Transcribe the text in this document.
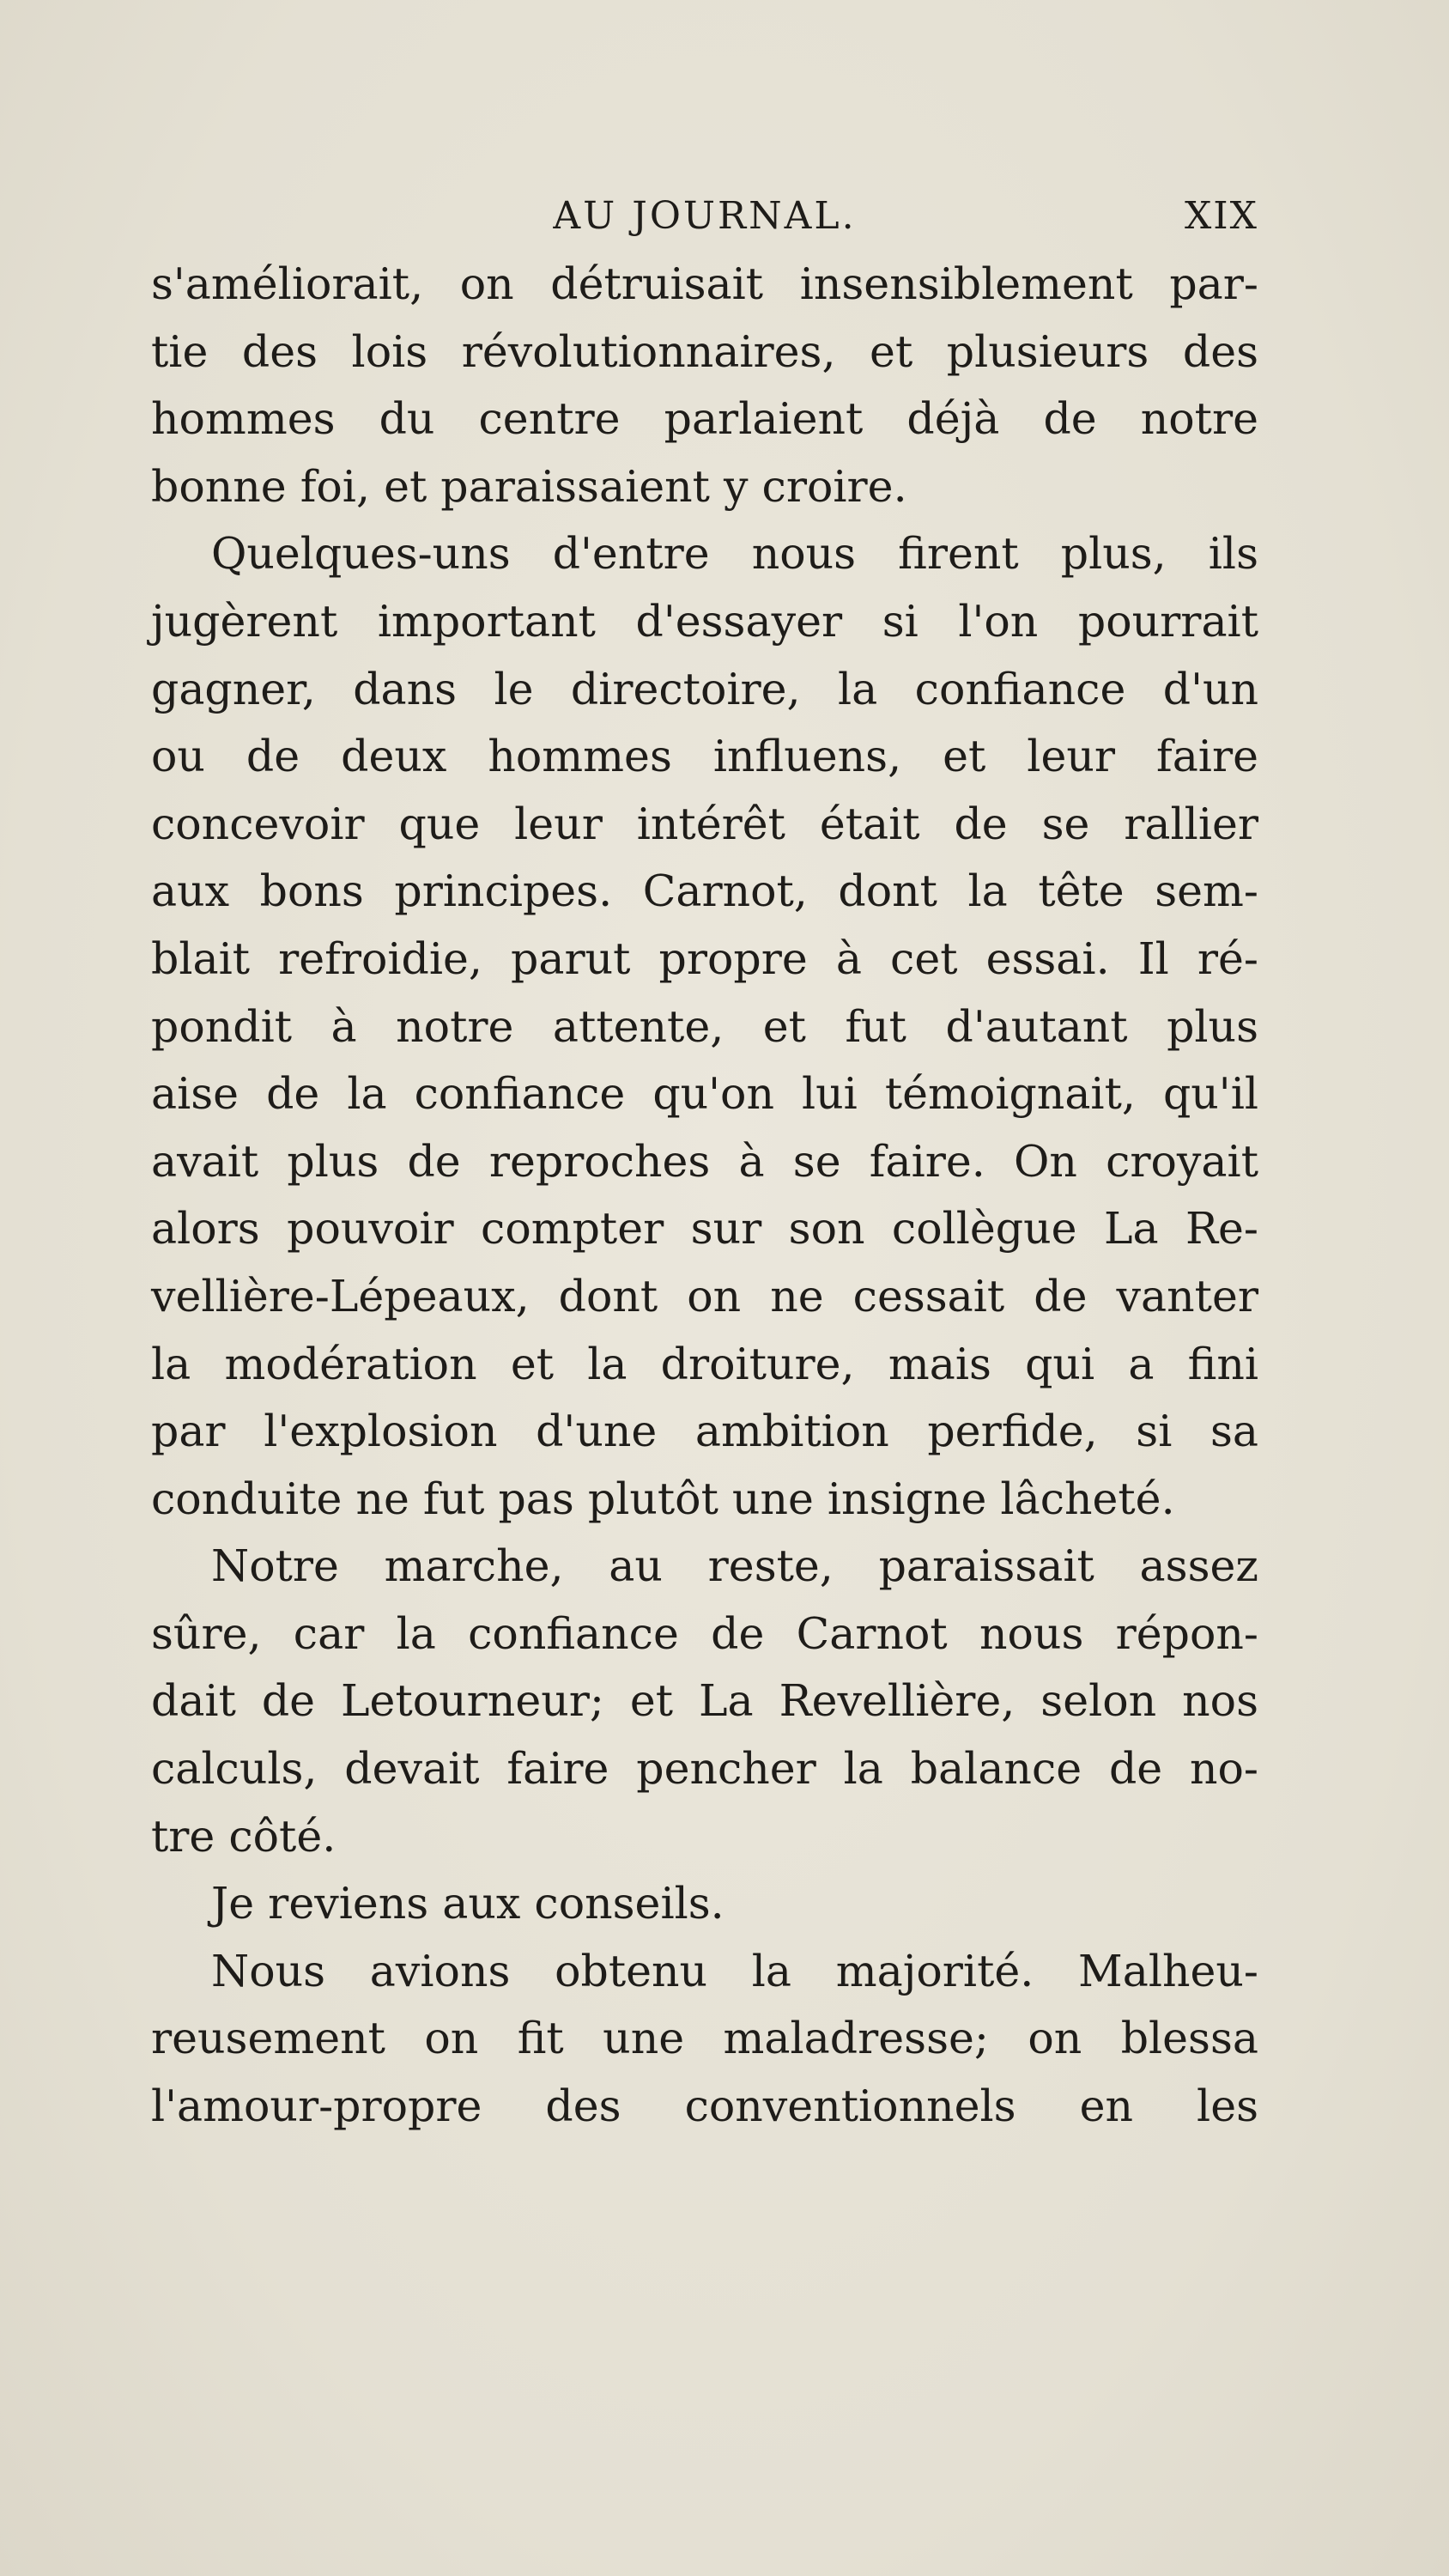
AU JOURNAL.	XIX
s'améliorait, on détruisait insensiblement par-
tie des lois révolutionnaires, et plusieurs des
hommes du centre parlaient déjà de notre
bonne foi, et paraissaient y croire.
Quelques-uns d'entre nous firent plus, ils
jugèrent important d'essayer si l'on pourrait
gagner, dans le directoire, la confiance d'un
ou de deux hommes influens, et leur faire
concevoir que leur intérêt était de se rallier
aux bons principes. Carnot, dont la tête sem-
blait refroidie, parut propre à cet essai. Il ré-
pondit à notre attente, et fut d'autant plus
aise de la confiance qu'on lui témoignait, qu'il
avait plus de reproches à se faire. On croyait
alors pouvoir compter sur son collègue La Re-
vellière-Lépeaux, dont on ne cessait de vanter
la modération et la droiture, mais qui a fini
par l'explosion d'une ambition perfide, si sa
conduite ne fut pas plutôt une insigne lâcheté.
Notre marche, au reste, paraissait assez
sûre, car la confiance de Carnot nous répon-
dait de Letourneur; et La Revellière, selon nos
calculs, devait faire pencher la balance de no-
tre côté.
Je reviens aux conseils.
Nous avions obtenu la majorité. Malheu-
reusement on fit une maladresse; on blessa
l'amour-propre des conventionnels en les
